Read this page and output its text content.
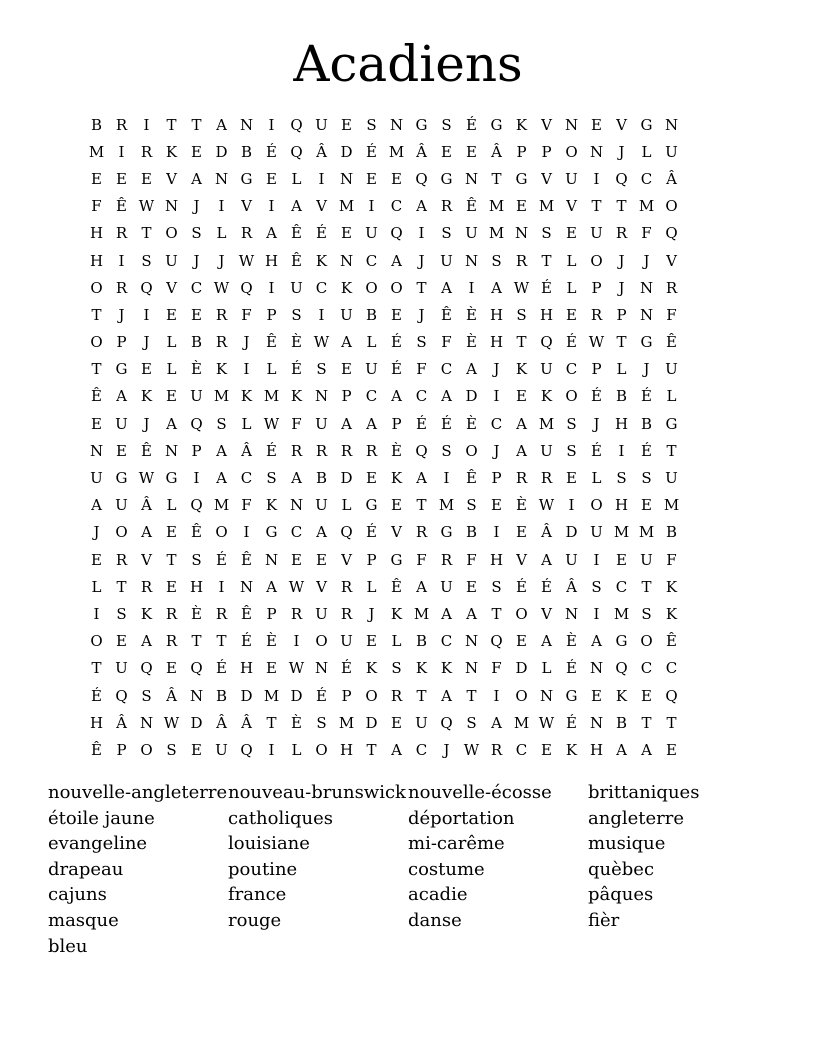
Acadiens
B R	I	T T A N	I	Q U E S N G S É G K V N E V G N
M I	R K E D B É Q Â D É M Â E E Â P P O N	J	L U
E E E V A N G E L	I	N E E Q G N T G V U	I	Q C Â
F Ê W N	J	I	V	I	A V M I	C A R Ê M E M V T T M O
H R T O S L R A Ê É E U Q	I	S U M N S E U R F Q
H	I	S U	J	J W H Ê K N C A	J	U N S R T	L O	J	J	V
O R Q V C W Q	I	U C K O O T A	I	A W É L P	J	N R
T	J	I	E E R F P S	I	U B E	J	Ê È H S H E R P N F
O P	J	L B R	J	Ê È W A L É S F È H T Q É W T G Ê
T G E L È K	I	L É S E U É F C A	J	K U C P L	J	U
Ê A K E U M K M K N P C A C A D	I	E K O É B É L
E U	J	A Q S L W F U A A P É É È C A M S	J	H B G
N E Ê N P A Â É R R R R È Q S O	J	A U S É	I	É T
U G W G	I	A C S A B D E K A	I	Ê P R R E L S S U
A U Â L Q M F K N U L G E T M S E È W I	O H E M
J	O A E Ê O	I	G C A Q É V R G B	I	E Â D U M M B
E R V T S É Ê N E E V P G F R F H V A U	I	E U F
L	T R E H	I	N A W V R L Ê A U E S É É Â S C T K
I	S K R È R Ê P R U R	J	K M A A T O V N	I M S K
O E A R T T É È	I	O U E L B C N Q E A È A G O Ê
T U Q E Q É H E W N É K S K K N F D L É N Q C C
É Q S Â N B D M D É P O R T A T	I	O N G E K E Q
H Â N W D Â Â T È S M D E U Q S A M W É N B T T
Ê P O S E U Q	I	L O H T A C	J W R C E K H A A E
nouvelle-angleterre nouveau-brunswick nouvelle-écosse	brittaniques
étoile jaune	catholiques	déportation	angleterre
evangeline	louisiane	mi-carême	musique
drapeau	poutine	costume	quèbec
cajuns	france	acadie	pâques
masque	rouge	danse	fièr
bleu
